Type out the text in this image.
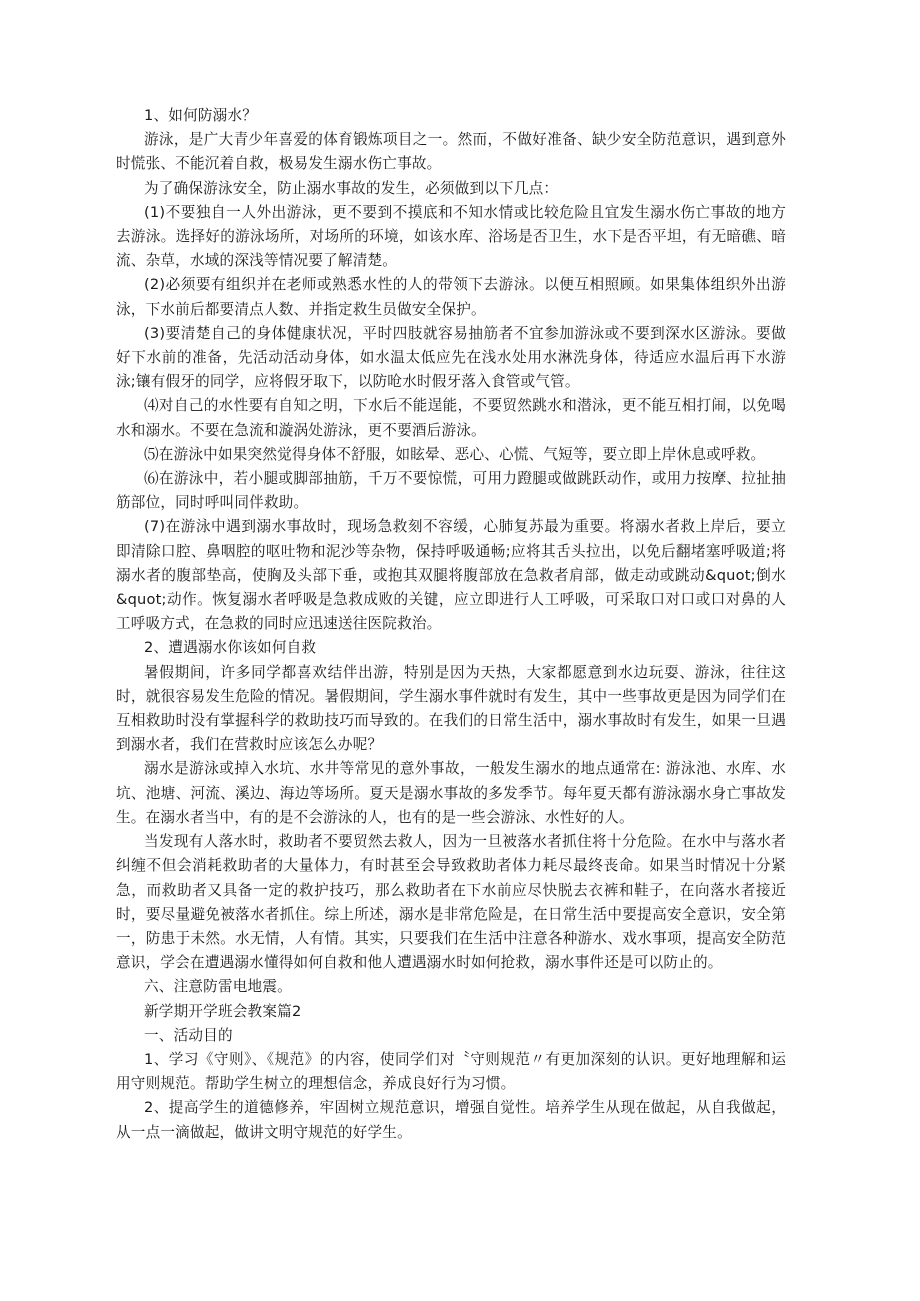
1、如何防溺水？

游泳，是广大青少年喜爱的体育锻炼项目之一。然而，不做好准备、缺少安全防范意识，遇到意外时慌张、不能沉着自救，极易发生溺水伤亡事故。

为了确保游泳安全，防止溺水事故的发生，必须做到以下几点：

(1)不要独自一人外出游泳，更不要到不摸底和不知水情或比较危险且宜发生溺水伤亡事故的地方去游泳。选择好的游泳场所，对场所的环境，如该水库、浴场是否卫生，水下是否平坦，有无暗礁、暗流、杂草，水域的深浅等情况要了解清楚。

(2)必须要有组织并在老师或熟悉水性的人的带领下去游泳。以便互相照顾。如果集体组织外出游泳，下水前后都要清点人数、并指定救生员做安全保护。

(3)要清楚自己的身体健康状况，平时四肢就容易抽筋者不宜参加游泳或不要到深水区游泳。要做好下水前的准备，先活动活动身体，如水温太低应先在浅水处用水淋洗身体，待适应水温后再下水游泳;镶有假牙的同学，应将假牙取下，以防呛水时假牙落入食管或气管。

⑷对自己的水性要有自知之明，下水后不能逞能，不要贸然跳水和潜泳，更不能互相打闹，以免喝水和溺水。不要在急流和漩涡处游泳，更不要酒后游泳。

⑸在游泳中如果突然觉得身体不舒服，如眩晕、恶心、心慌、气短等，要立即上岸休息或呼救。

⑹在游泳中，若小腿或脚部抽筋，千万不要惊慌，可用力蹬腿或做跳跃动作，或用力按摩、拉扯抽筋部位，同时呼叫同伴救助。

(7)在游泳中遇到溺水事故时，现场急救刻不容缓，心肺复苏最为重要。将溺水者救上岸后，要立即清除口腔、鼻咽腔的呕吐物和泥沙等杂物，保持呼吸通畅;应将其舌头拉出，以免后翻堵塞呼吸道;将溺水者的腹部垫高，使胸及头部下垂，或抱其双腿将腹部放在急救者肩部，做走动或跳动&quot;倒水&quot;动作。恢复溺水者呼吸是急救成败的关键，应立即进行人工呼吸，可采取口对口或口对鼻的人工呼吸方式，在急救的同时应迅速送往医院救治。

2、遭遇溺水你该如何自救

暑假期间，许多同学都喜欢结伴出游，特别是因为天热，大家都愿意到水边玩耍、游泳，往往这时，就很容易发生危险的情况。暑假期间，学生溺水事件就时有发生，其中一些事故更是因为同学们在互相救助时没有掌握科学的救助技巧而导致的。在我们的日常生活中，溺水事故时有发生，如果一旦遇到溺水者，我们在营救时应该怎么办呢？

溺水是游泳或掉入水坑、水井等常见的意外事故，一般发生溺水的地点通常在: 游泳池、水库、水坑、池塘、河流、溪边、海边等场所。夏天是溺水事故的多发季节。每年夏天都有游泳溺水身亡事故发生。在溺水者当中，有的是不会游泳的人，也有的是一些会游泳、水性好的人。

当发现有人落水时，救助者不要贸然去救人，因为一旦被落水者抓住将十分危险。在水中与落水者纠缠不但会消耗救助者的大量体力，有时甚至会导致救助者体力耗尽最终丧命。如果当时情况十分紧急，而救助者又具备一定的救护技巧，那么救助者在下水前应尽快脱去衣裤和鞋子，在向落水者接近时，要尽量避免被落水者抓住。综上所述，溺水是非常危险是，在日常生活中要提高安全意识，安全第一，防患于未然。水无情，人有情。其实，只要我们在生活中注意各种游水、戏水事项，提高安全防范意识，学会在遭遇溺水懂得如何自救和他人遭遇溺水时如何抢救，溺水事件还是可以防止的。

六、注意防雷电地震。

新学期开学班会教案篇2

一、活动目的

1、学习《守则》、《规范》的内容，使同学们对〝守则规范〃有更加深刻的认识。更好地理解和运用守则规范。帮助学生树立的理想信念，养成良好行为习惯。

2、提高学生的道德修养，牢固树立规范意识，增强自觉性。培养学生从现在做起，从自我做起，从一点一滴做起，做讲文明守规范的好学生。
